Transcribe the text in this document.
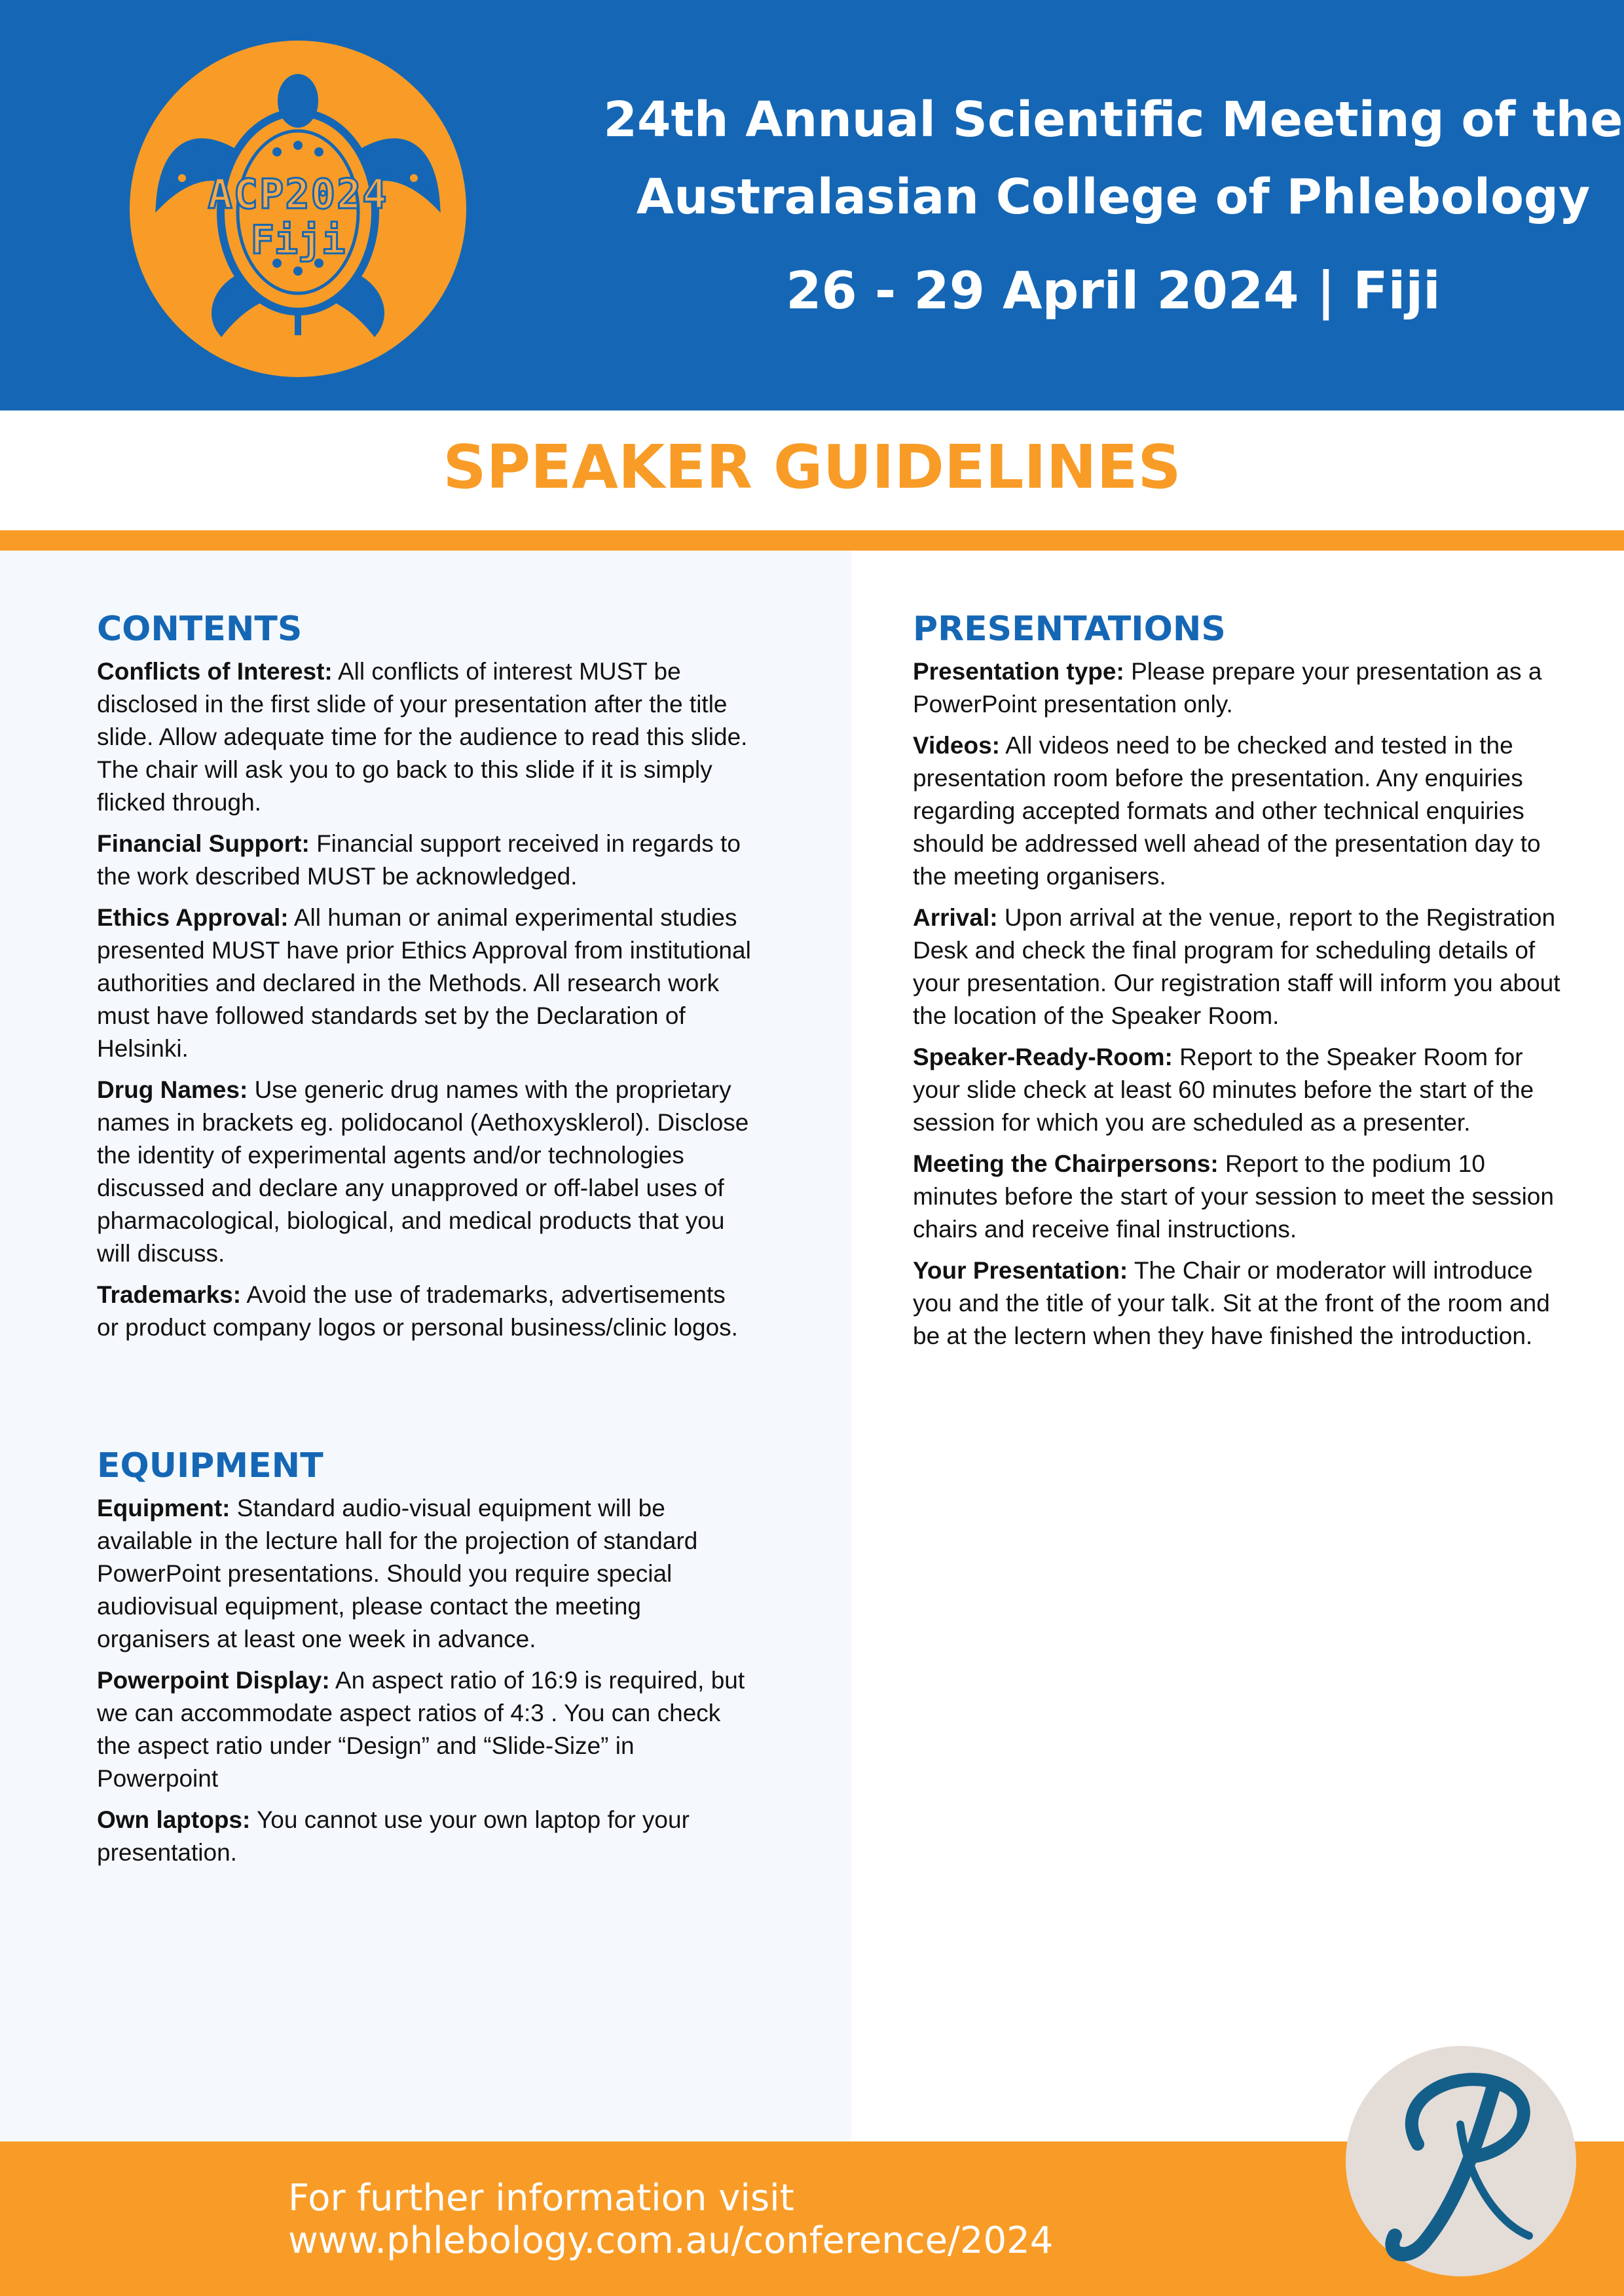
ACP2024
Fiji
24th Annual Scientific Meeting of the
Australasian College of Phlebology
26 - 29 April 2024 | Fiji
SPEAKER GUIDELINES
CONTENTS
Conflicts of Interest: All conflicts of interest MUST be disclosed in the first slide of your presentation after the title slide. Allow adequate time for the audience to read this slide. The chair will ask you to go back to this slide if it is simply flicked through.
Financial Support: Financial support received in regards to the work described MUST be acknowledged.
Ethics Approval: All human or animal experimental studies presented MUST have prior Ethics Approval from institutional authorities and declared in the Methods. All research work must have followed standards set by the Declaration of Helsinki.
Drug Names: Use generic drug names with the proprietary names in brackets eg. polidocanol (Aethoxysklerol). Disclose the identity of experimental agents and/or technologies discussed and declare any unapproved or off-label uses of pharmacological, biological, and medical products that you will discuss.
Trademarks: Avoid the use of trademarks, advertisements or product company logos or personal business/clinic logos.
EQUIPMENT
Equipment: Standard audio-visual equipment will be available in the lecture hall for the projection of standard PowerPoint presentations. Should you require special audiovisual equipment, please contact the meeting organisers at least one week in advance.
Powerpoint Display: An aspect ratio of 16:9 is required, but we can accommodate aspect ratios of 4:3 . You can check the aspect ratio under “Design” and “Slide-Size” in Powerpoint
Own laptops: You cannot use your own laptop for your presentation.
PRESENTATIONS
Presentation type: Please prepare your presentation as a PowerPoint presentation only.
Videos: All videos need to be checked and tested in the presentation room before the presentation. Any enquiries regarding accepted formats and other technical enquiries should be addressed well ahead of the presentation day to the meeting organisers.
Arrival: Upon arrival at the venue, report to the Registration Desk and check the final program for scheduling details of your presentation. Our registration staff will inform you about the location of the Speaker Room.
Speaker-Ready-Room: Report to the Speaker Room for your slide check at least 60 minutes before the start of the session for which you are scheduled as a presenter.
Meeting the Chairpersons: Report to the podium 10 minutes before the start of your session to meet the session chairs and receive final instructions.
Your Presentation: The Chair or moderator will introduce you and the title of your talk. Sit at the front of the room and be at the lectern when they have finished the introduction.
For further information visit
www.phlebology.com.au/conference/2024
